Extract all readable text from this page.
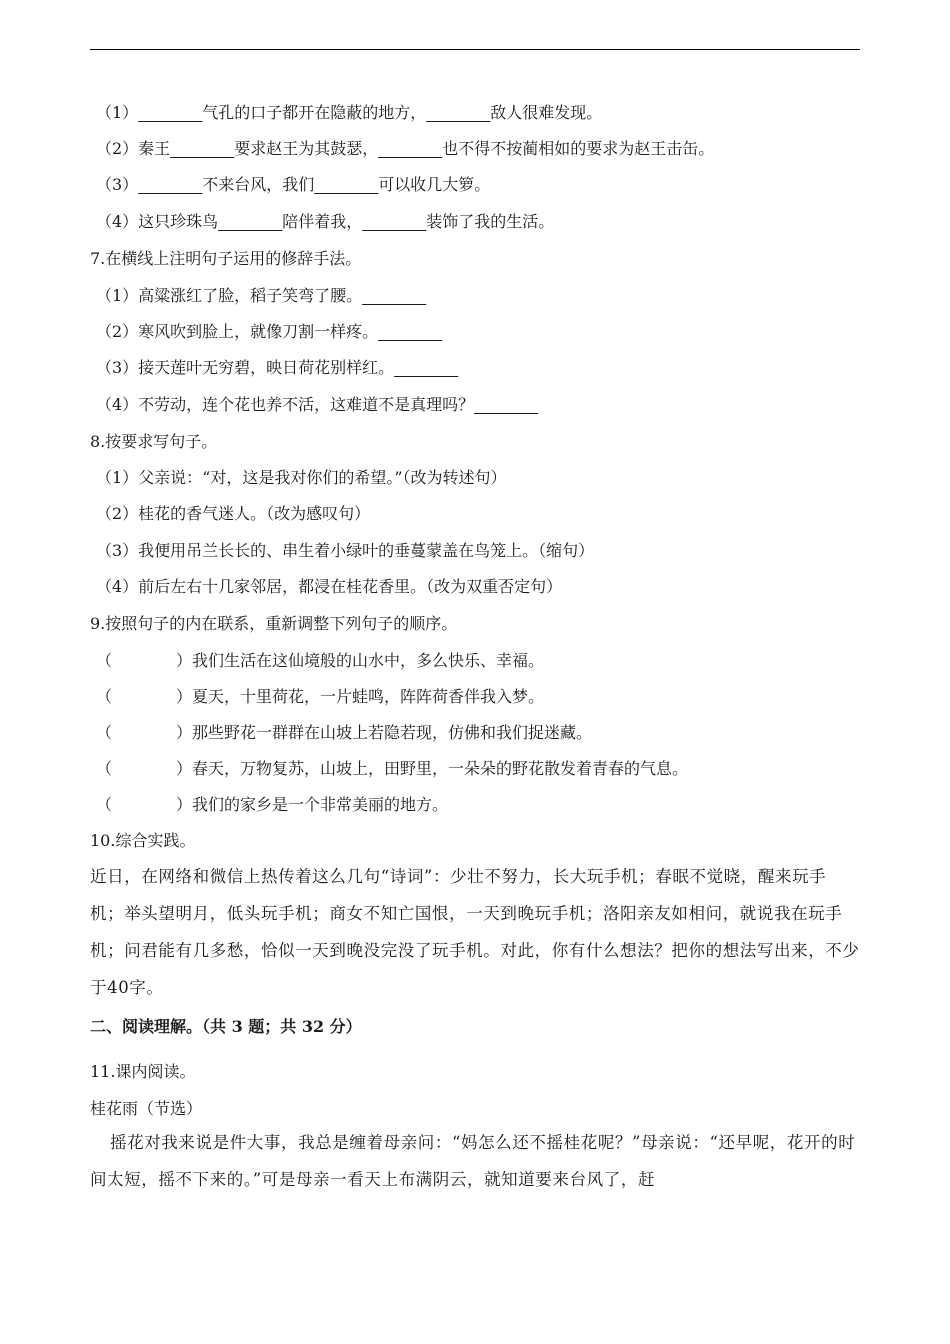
（1）________气孔的口子都开在隐蔽的地方，________敌人很难发现。
（2）秦王________要求赵王为其鼓瑟，________也不得不按蔺相如的要求为赵王击缶。
（3）________不来台风，我们________可以收几大箩。
（4）这只珍珠鸟________陪伴着我，________装饰了我的生活。
7.在横线上注明句子运用的修辞手法。
（1）高粱涨红了脸，稻子笑弯了腰。________
（2）寒风吹到脸上，就像刀割一样疼。________
（3）接天莲叶无穷碧，映日荷花别样红。________
（4）不劳动，连个花也养不活，这难道不是真理吗？________
8.按要求写句子。
（1）父亲说：“对，这是我对你们的希望。”（改为转述句）
（2）桂花的香气迷人。（改为感叹句）
（3）我便用吊兰长长的、串生着小绿叶的垂蔓蒙盖在鸟笼上。（缩句）
（4）前后左右十几家邻居，都浸在桂花香里。（改为双重否定句）
9.按照句子的内在联系，重新调整下列句子的顺序。
（	）我们生活在这仙境般的山水中，多么快乐、幸福。
（	）夏天，十里荷花，一片蛙鸣，阵阵荷香伴我入梦。
（	）那些野花一群群在山坡上若隐若现，仿佛和我们捉迷藏。
（	）春天，万物复苏，山坡上，田野里，一朵朵的野花散发着青春的气息。
（	）我们的家乡是一个非常美丽的地方。
10.综合实践。
近日，在网络和微信上热传着这么几句“诗词”：少壮不努力，长大玩手机；春眠不觉晓，醒来玩手机；举头望明月，低头玩手机；商女不知亡国恨，一天到晚玩手机；洛阳亲友如相问，就说我在玩手机；问君能有几多愁，恰似一天到晚没完没了玩手机。对此，你有什么想法？把你的想法写出来，不少于40字。
二、阅读理解。（共 3 题；共 32 分）
11.课内阅读。
桂花雨（节选）
摇花对我来说是件大事，我总是缠着母亲问：“妈怎么还不摇桂花呢？”母亲说：“还早呢，花开的时间太短，摇不下来的。”可是母亲一看天上布满阴云，就知道要来台风了，赶
